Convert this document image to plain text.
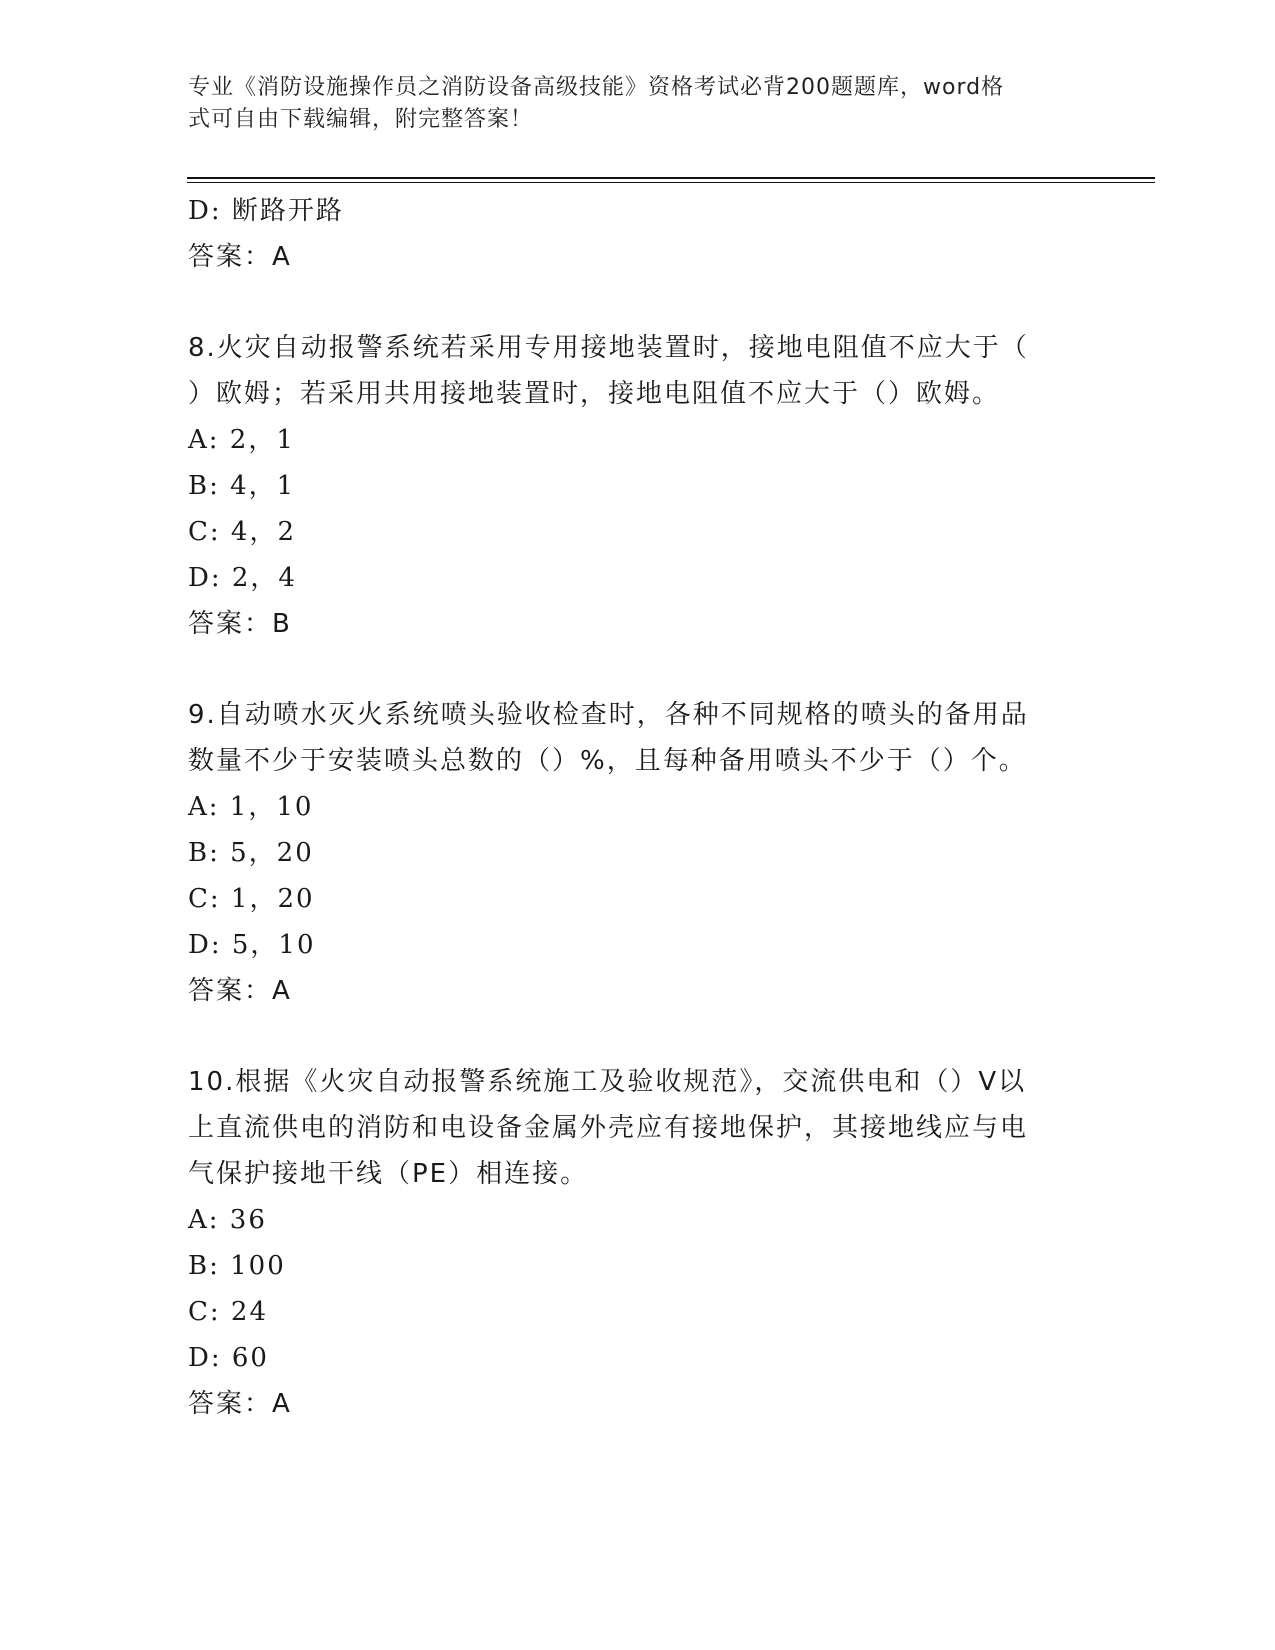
专业《消防设施操作员之消防设备高级技能》资格考试必背200题题库，word格
式可自由下载编辑，附完整答案！
D: 断路开路
答案：A
8.火灾自动报警系统若采用专用接地装置时，接地电阻值不应大于（
）欧姆；若采用共用接地装置时，接地电阻值不应大于（）欧姆。
A: 2，1
B: 4，1
C: 4，2
D: 2，4
答案：B
9.自动喷水灭火系统喷头验收检查时，各种不同规格的喷头的备用品
数量不少于安装喷头总数的（）%，且每种备用喷头不少于（）个。
A: 1，10
B: 5，20
C: 1，20
D: 5，10
答案：A
10.根据《火灾自动报警系统施工及验收规范》，交流供电和（）V以
上直流供电的消防和电设备金属外壳应有接地保护，其接地线应与电
气保护接地干线（PE）相连接。
A: 36
B: 100
C: 24
D: 60
答案：A
